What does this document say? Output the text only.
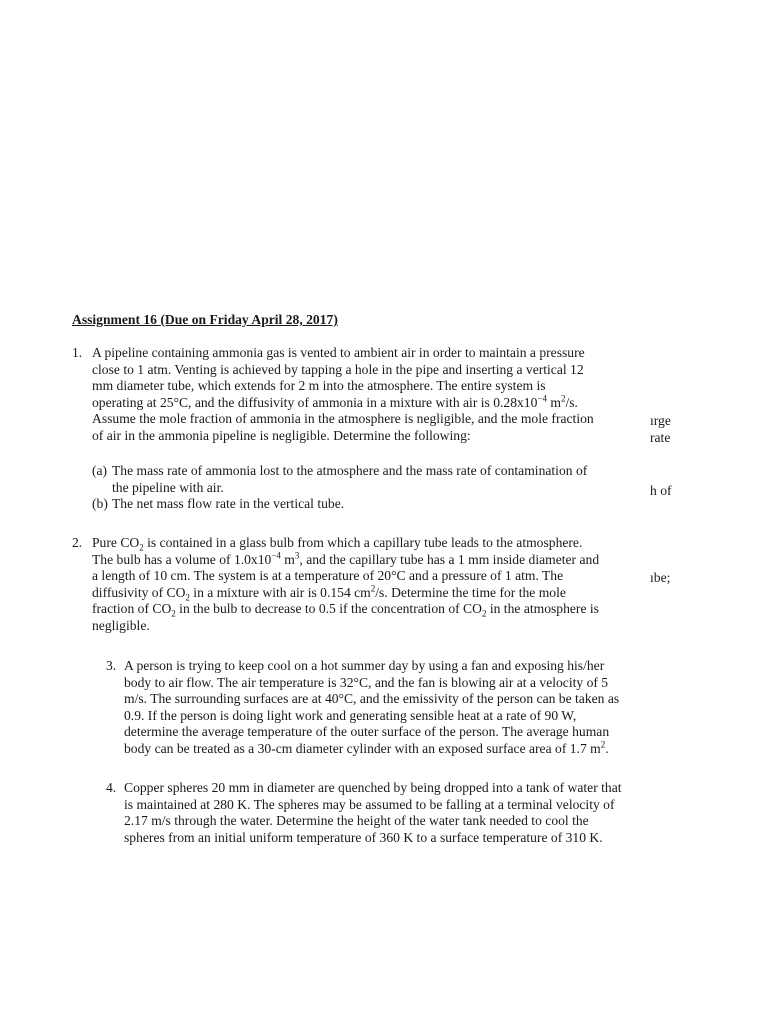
Assignment 16 (Due on Friday April 28, 2017)
1. A pipeline containing ammonia gas is vented to ambient air in order to maintain a pressure
close to 1 atm. Venting is achieved by tapping a hole in the pipe and inserting a vertical 12
mm diameter tube, which extends for 2 m into the atmosphere. The entire system is
operating at 25°C, and the diffusivity of ammonia in a mixture with air is $0.28x10^{-4}$ $m^2/s$.
Assume the mole fraction of ammonia in the atmosphere is negligible, and the mole fraction
of air in the ammonia pipeline is negligible. Determine the following:
(a) The mass rate of ammonia lost to the atmosphere and the mass rate of contamination of
the pipeline with air.
(b) The net mass flow rate in the vertical tube.
2. Pure $CO_2$ is contained in a glass bulb from which a capillary tube leads to the atmosphere.
The bulb has a volume of $1.0x10^{-4}$ $m^3$, and the capillary tube has a 1 mm inside diameter and
a length of 10 cm. The system is at a temperature of 20°C and a pressure of 1 atm. The
diffusivity of $CO_2$ in a mixture with air is 0.154 $cm^2/s$. Determine the time for the mole
fraction of $CO_2$ in the bulb to decrease to 0.5 if the concentration of $CO_2$ in the atmosphere is
negligible.
3. A person is trying to keep cool on a hot summer day by using a fan and exposing his/her
body to air flow. The air temperature is 32°C, and the fan is blowing air at a velocity of 5
m/s. The surrounding surfaces are at 40°C, and the emissivity of the person can be taken as
0.9. If the person is doing light work and generating sensible heat at a rate of 90 W,
determine the average temperature of the outer surface of the person. The average human
body can be treated as a 30-cm diameter cylinder with an exposed surface area of 1.7 $m^2$.
4. Copper spheres 20 mm in diameter are quenched by being dropped into a tank of water that
is maintained at 280 K. The spheres may be assumed to be falling at a terminal velocity of
2.17 m/s through the water. Determine the height of the water tank needed to cool the
spheres from an initial uniform temperature of 360 K to a surface temperature of 310 K.
ırge
rate
h of
ıbe;
